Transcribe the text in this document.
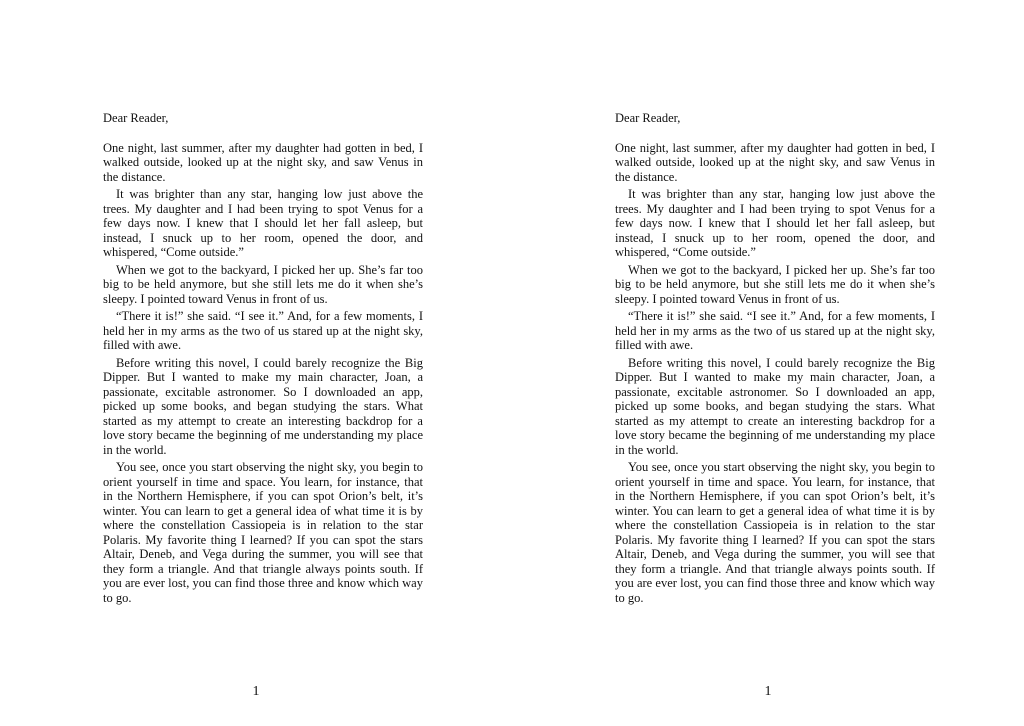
Dear Reader,

One night, last summer, after my daughter had gotten in bed, I walked outside, looked up at the night sky, and saw Venus in the distance.

It was brighter than any star, hanging low just above the trees. My daughter and I had been trying to spot Venus for a few days now. I knew that I should let her fall asleep, but instead, I snuck up to her room, opened the door, and whispered, “Come outside.”

When we got to the backyard, I picked her up. She’s far too big to be held anymore, but she still lets me do it when she’s sleepy. I pointed toward Venus in front of us.

“There it is!” she said. “I see it.” And, for a few moments, I held her in my arms as the two of us stared up at the night sky, filled with awe.

Before writing this novel, I could barely recognize the Big Dipper. But I wanted to make my main character, Joan, a passionate, excitable astronomer. So I downloaded an app, picked up some books, and began studying the stars. What started as my attempt to create an interesting backdrop for a love story became the beginning of me understanding my place in the world.

You see, once you start observing the night sky, you begin to orient yourself in time and space. You learn, for instance, that in the Northern Hemisphere, if you can spot Orion’s belt, it’s winter. You can learn to get a general idea of what time it is by where the constellation Cassiopeia is in relation to the star Polaris. My favorite thing I learned? If you can spot the stars Altair, Deneb, and Vega during the summer, you will see that they form a triangle. And that triangle always points south. If you are ever lost, you can find those three and know which way to go.

1

Dear Reader,

One night, last summer, after my daughter had gotten in bed, I walked outside, looked up at the night sky, and saw Venus in the distance.

It was brighter than any star, hanging low just above the trees. My daughter and I had been trying to spot Venus for a few days now. I knew that I should let her fall asleep, but instead, I snuck up to her room, opened the door, and whispered, “Come outside.”

When we got to the backyard, I picked her up. She’s far too big to be held anymore, but she still lets me do it when she’s sleepy. I pointed toward Venus in front of us.

“There it is!” she said. “I see it.” And, for a few moments, I held her in my arms as the two of us stared up at the night sky, filled with awe.

Before writing this novel, I could barely recognize the Big Dipper. But I wanted to make my main character, Joan, a passionate, excitable astronomer. So I downloaded an app, picked up some books, and began studying the stars. What started as my attempt to create an interesting backdrop for a love story became the beginning of me understanding my place in the world.

You see, once you start observing the night sky, you begin to orient yourself in time and space. You learn, for instance, that in the Northern Hemisphere, if you can spot Orion’s belt, it’s winter. You can learn to get a general idea of what time it is by where the constellation Cassiopeia is in relation to the star Polaris. My favorite thing I learned? If you can spot the stars Altair, Deneb, and Vega during the summer, you will see that they form a triangle. And that triangle always points south. If you are ever lost, you can find those three and know which way to go.

1
